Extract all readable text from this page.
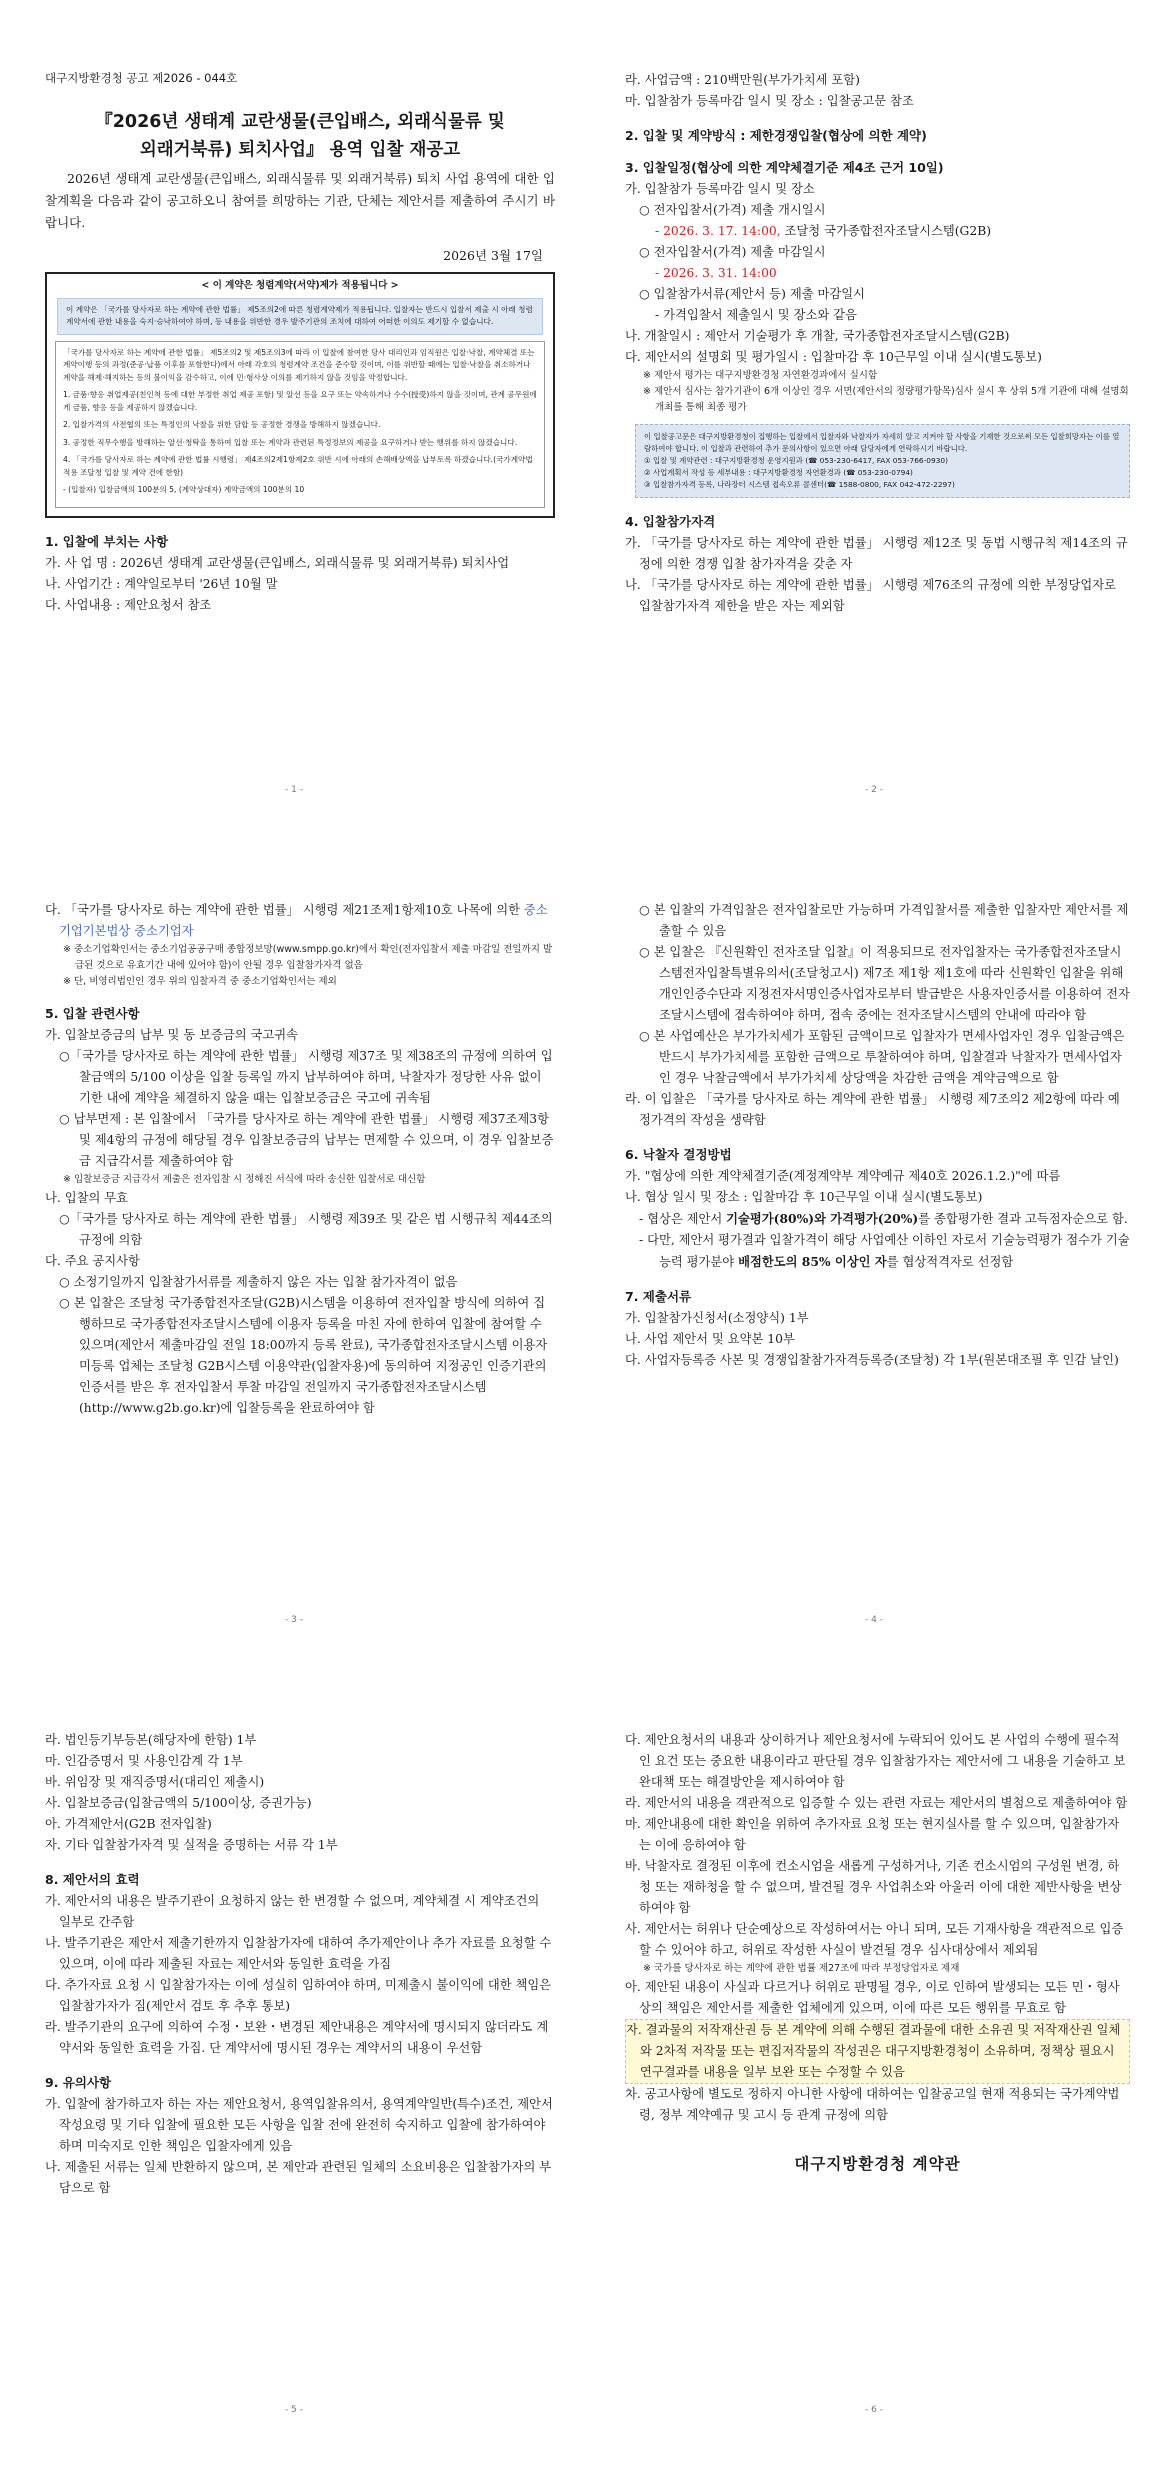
대구지방환경청 공고 제2026 - 044호
『2026년 생태계 교란생물(큰입배스, 외래식물류 및
외래거북류) 퇴치사업』 용역 입찰 재공고

2026년 생태계 교란생물(큰입배스, 외래식물류 및 외래거북류) 퇴치 사업 용역에 대한 입찰계획을 다음과 같이 공고하오니 참여를 희망하는 기관, 단체는 제안서를 제출하여 주시기 바랍니다.

2026년 3월 17일
< 이 계약은 청렴계약(서약)제가 적용됩니다 >
이 계약은 「국가를 당사자로 하는 계약에 관한 법률」 제5조의2에 따른 청렴계약제가 적용됩니다. 입찰자는 반드시 입찰서 제출 시 아래 청렴계약서에 관한 내용을 숙지·승낙하여야 하며, 등 내용을 위반한 경우 발주기관의 조치에 대하여 어떠한 이의도 제기할 수 없습니다.

「국가를 당사자로 하는 계약에 관한 법률」 제5조의2 및 제5조의3에 따라 이 입찰에 참여한 당사 대리인과 임직원은 입찰·낙찰, 계약체결 또는 계약이행 등의 과정(준공·납품 이후를 포함한다)에서 아래 각호의 청렴계약 조건을 준수할 것이며, 이를 위반할 때에는 입찰·낙찰을 취소하거나 계약을 해제·해지하는 등의 불이익을 감수하고, 이에 민·형사상 이의를 제기하지 않을 것임을 약정합니다.

1. 금품·향응 취업제공(친인척 등에 대한 부정한 취업 제공 포함) 및 알선 등을 요구 또는 약속하거나 수수(授受)하지 않을 것이며, 관계 공무원에게 금품, 향응 등을 제공하지 않겠습니다.

2. 입찰가격의 사전협의 또는 특정인의 낙찰을 위한 담합 등 공정한 경쟁을 방해하지 않겠습니다.

3. 공정한 직무수행을 방해하는 알선·청탁을 통하여 입찰 또는 계약과 관련된 특정정보의 제공을 요구하거나 받는 행위를 하지 않겠습니다.

4. 「국가를 당사자로 하는 계약에 관한 법률 시행령」 제4조의2제1항제2호 위반 시에 아래의 손해배상액을 납부토록 하겠습니다.(국가계약법 적용 조달청 입찰 및 계약 건에 한함)

- (입찰자) 입찰금액의 100분의 5, (계약상대자) 계약금액의 100분의 10

1. 입찰에 부치는 사항
가. 사 업 명 : 2026년 생태계 교란생물(큰입배스, 외래식물류 및 외래거북류) 퇴치사업
나. 사업기간 : 계약일로부터 '26년 10월 말
다. 사업내용 : 제안요청서 참조
- 1 -
라. 사업금액 : 210백만원(부가가치세 포함)
마. 입찰참가 등록마감 일시 및 장소 : 입찰공고문 참조
2. 입찰 및 계약방식 : 제한경쟁입찰(협상에 의한 계약)
3. 입찰일정(협상에 의한 계약체결기준 제4조 근거 10일)
가. 입찰참가 등록마감 일시 및 장소
○ 전자입찰서(가격) 제출 개시일시
- 2026. 3. 17. 14:00, 조달청 국가종합전자조달시스템(G2B)
○ 전자입찰서(가격) 제출 마감일시
- 2026. 3. 31. 14:00
○ 입찰참가서류(제안서 등) 제출 마감일시
- 가격입찰서 제출일시 및 장소와 같음
나. 개찰일시 : 제안서 기술평가 후 개찰, 국가종합전자조달시스템(G2B)
다. 제안서의 설명회 및 평가일시 : 입찰마감 후 10근무일 이내 실시(별도통보)
※ 제안서 평가는 대구지방환경청 자연환경과에서 실시함
※ 제안서 심사는 참가기관이 6개 이상인 경우 서면(제안서의 정량평가항목)심사 실시 후 상위 5개 기관에 대해 설명회 개최를 통해 최종 평가
이 입찰공고문은 대구지방환경청이 집행하는 입찰에서 입찰자와 낙찰자가 자세히 알고 지켜야 할 사항을 기재한 것으로써 모든 입찰희망자는 이를 열람하여야 합니다. 이 입찰과 관련하여 추가 문의사항이 있으면 아래 담당자에게 연락하시기 바랍니다.
① 입찰 및 계약관련 : 대구지방환경청 운영지원과 (☎ 053-230-6417, FAX 053-766-0930)
② 사업계획서 작성 등 세부내용 : 대구지방환경청 자연환경과 (☎ 053-230-0794)
③ 입찰참가자격 등록, 나라장터 시스템 접속오류 콜센터(☎ 1588-0800, FAX 042-472-2297)
4. 입찰참가자격
가. 「국가를 당사자로 하는 계약에 관한 법률」 시행령 제12조 및 동법 시행규칙 제14조의 규정에 의한 경쟁 입찰 참가자격을 갖춘 자
나. 「국가를 당사자로 하는 계약에 관한 법률」 시행령 제76조의 규정에 의한 부정당업자로 입찰참가자격 제한을 받은 자는 제외함
- 2 -
다. 「국가를 당사자로 하는 계약에 관한 법률」 시행령 제21조제1항제10호 나목에 의한 중소기업기본법상 중소기업자
※ 중소기업확인서는 중소기업공공구매 종합정보망(www.smpp.go.kr)에서 확인(전자입찰서 제출 마감일 전일까지 발급된 것으로 유효기간 내에 있어야 함)이 안될 경우 입찰참가자격 없음
※ 단, 비영리법인인 경우 위의 입찰자격 중 중소기업확인서는 제외
5. 입찰 관련사항
가. 입찰보증금의 납부 및 동 보증금의 국고귀속
○「국가를 당사자로 하는 계약에 관한 법률」 시행령 제37조 및 제38조의 규정에 의하여 입찰금액의 5/100 이상을 입찰 등록일 까지 납부하여야 하며, 낙찰자가 정당한 사유 없이 기한 내에 계약을 체결하지 않을 때는 입찰보증금은 국고에 귀속됨
○ 납부면제 : 본 입찰에서 「국가를 당사자로 하는 계약에 관한 법률」 시행령 제37조제3항 및 제4항의 규정에 해당될 경우 입찰보증금의 납부는 면제할 수 있으며, 이 경우 입찰보증금 지급각서를 제출하여야 함
※ 입찰보증금 지급각서 제출은 전자입찰 시 정해진 서식에 따라 송신한 입찰서로 대신함
나. 입찰의 무효
○「국가를 당사자로 하는 계약에 관한 법률」 시행령 제39조 및 같은 법 시행규칙 제44조의 규정에 의함
다. 주요 공지사항
○ 소정기일까지 입찰참가서류를 제출하지 않은 자는 입찰 참가자격이 없음
○ 본 입찰은 조달청 국가종합전자조달(G2B)시스템을 이용하여 전자입찰 방식에 의하여 집행하므로 국가종합전자조달시스템에 이용자 등록을 마친 자에 한하여 입찰에 참여할 수 있으며(제안서 제출마감일 전일 18:00까지 등록 완료), 국가종합전자조달시스템 이용자 미등록 업체는 조달청 G2B시스템 이용약관(입찰자용)에 동의하여 지정공인 인증기관의 인증서를 받은 후 전자입찰서 투찰 마감일 전일까지 국가종합전자조달시스템(http://www.g2b.go.kr)에 입찰등록을 완료하여야 함
- 3 -
○ 본 입찰의 가격입찰은 전자입찰로만 가능하며 가격입찰서를 제출한 입찰자만 제안서를 제출할 수 있음
○ 본 입찰은 『신원확인 전자조달 입찰』이 적용되므로 전자입찰자는 국가종합전자조달시스템전자입찰특별유의서(조달청고시) 제7조 제1항 제1호에 따라 신원확인 입찰을 위해 개인인증수단과 지정전자서명인증사업자로부터 발급받은 사용자인증서를 이용하여 전자조달시스템에 접속하여야 하며, 접속 중에는 전자조달시스템의 안내에 따라야 함
○ 본 사업예산은 부가가치세가 포함된 금액이므로 입찰자가 면세사업자인 경우 입찰금액은 반드시 부가가치세를 포함한 금액으로 투찰하여야 하며, 입찰결과 낙찰자가 면세사업자인 경우 낙찰금액에서 부가가치세 상당액을 차감한 금액을 계약금액으로 함
라. 이 입찰은 「국가를 당사자로 하는 계약에 관한 법률」 시행령 제7조의2 제2항에 따라 예정가격의 작성을 생략함
6. 낙찰자 결정방법
가. "협상에 의한 계약체결기준(계정계약부 계약예규 제40호 2026.1.2.)"에 따름
나. 협상 일시 및 장소 : 입찰마감 후 10근무일 이내 실시(별도통보)
- 협상은 제안서 기술평가(80%)와 가격평가(20%)를 종합평가한 결과 고득점자순으로 함.
- 다만, 제안서 평가결과 입찰가격이 해당 사업예산 이하인 자로서 기술능력평가 점수가 기술능력 평가분야 배점한도의 85% 이상인 자를 협상적격자로 선정함
7. 제출서류
가. 입찰참가신청서(소정양식) 1부
나. 사업 제안서 및 요약본 10부
다. 사업자등록증 사본 및 경쟁입찰참가자격등록증(조달청) 각 1부(원본대조필 후 인감 날인)
- 4 -
라. 법인등기부등본(해당자에 한함) 1부
마. 인감증명서 및 사용인감계 각 1부
바. 위임장 및 재직증명서(대리인 제출시)
사. 입찰보증금(입찰금액의 5/100이상, 증권가능)
아. 가격제안서(G2B 전자입찰)
자. 기타 입찰참가자격 및 실적을 증명하는 서류 각 1부
8. 제안서의 효력
가. 제안서의 내용은 발주기관이 요청하지 않는 한 변경할 수 없으며, 계약체결 시 계약조건의 일부로 간주함
나. 발주기관은 제안서 제출기한까지 입찰참가자에 대하여 추가제안이나 추가 자료를 요청할 수 있으며, 이에 따라 제출된 자료는 제안서와 동일한 효력을 가짐
다. 추가자료 요청 시 입찰참가자는 이에 성실히 임하여야 하며, 미제출시 불이익에 대한 책임은 입찰참가자가 짐(제안서 검토 후 추후 통보)
라. 발주기관의 요구에 의하여 수정・보완・변경된 제안내용은 계약서에 명시되지 않더라도 계약서와 동일한 효력을 가짐. 단 계약서에 명시된 경우는 계약서의 내용이 우선함
9. 유의사항
가. 입찰에 참가하고자 하는 자는 제안요청서, 용역입찰유의서, 용역계약일반(특수)조건, 제안서 작성요령 및 기타 입찰에 필요한 모든 사항을 입찰 전에 완전히 숙지하고 입찰에 참가하여야 하며 미숙지로 인한 책임은 입찰자에게 있음
나. 제출된 서류는 일체 반환하지 않으며, 본 제안과 관련된 일체의 소요비용은 입찰참가자의 부담으로 함
- 5 -
다. 제안요청서의 내용과 상이하거나 제안요청서에 누락되어 있어도 본 사업의 수행에 필수적인 요건 또는 중요한 내용이라고 판단될 경우 입찰참가자는 제안서에 그 내용을 기술하고 보완대책 또는 해결방안을 제시하여야 함
라. 제안서의 내용을 객관적으로 입증할 수 있는 관련 자료는 제안서의 별첨으로 제출하여야 함
마. 제안내용에 대한 확인을 위하여 추가자료 요청 또는 현지실사를 할 수 있으며, 입찰참가자는 이에 응하여야 함
바. 낙찰자로 결정된 이후에 컨소시엄을 새롭게 구성하거나, 기존 컨소시엄의 구성원 변경, 하청 또는 재하청을 할 수 없으며, 발견될 경우 사업취소와 아울러 이에 대한 제반사항을 변상하여야 함
사. 제안서는 허위나 단순예상으로 작성하여서는 아니 되며, 모든 기재사항을 객관적으로 입증할 수 있어야 하고, 허위로 작성한 사실이 발견될 경우 심사대상에서 제외됨
※ 국가를 당사자로 하는 계약에 관한 법률 제27조에 따라 부정당업자로 제재
아. 제안된 내용이 사실과 다르거나 허위로 판명될 경우, 이로 인하여 발생되는 모든 민・형사상의 책임은 제안서를 제출한 업체에게 있으며, 이에 따른 모든 행위를 무효로 함
자. 결과물의 저작재산권 등 본 계약에 의해 수행된 결과물에 대한 소유권 및 저작재산권 일체와 2차적 저작물 또는 편집저작물의 작성권은 대구지방환경청이 소유하며, 정책상 필요시 연구결과를 내용을 일부 보완 또는 수정할 수 있음
차. 공고사항에 별도로 정하지 아니한 사항에 대하여는 입찰공고일 현재 적용되는 국가계약법령, 정부 계약예규 및 고시 등 관계 규정에 의함
대구지방환경청 계약관
- 6 -
